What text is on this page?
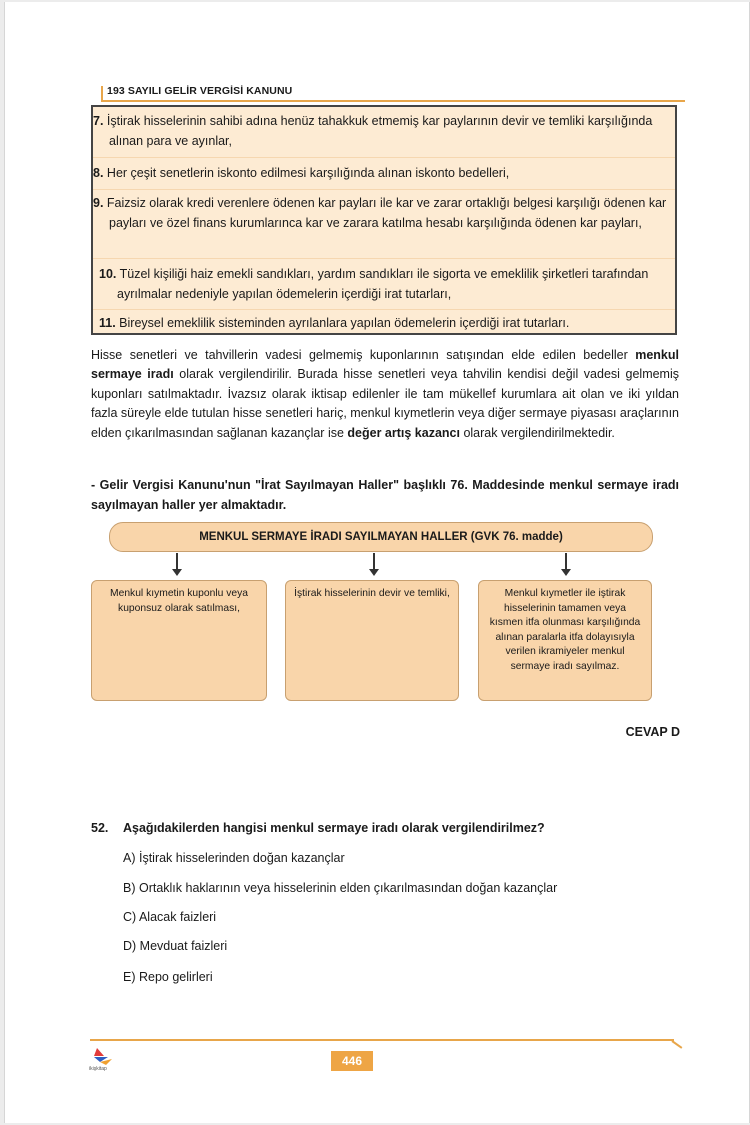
193 SAYILI GELİR VERGİSİ KANUNU
7. İştirak hisselerinin sahibi adına henüz tahakkuk etmemiş kar paylarının devir ve temliki karşılığında alınan para ve ayınlar,
8. Her çeşit senetlerin iskonto edilmesi karşılığında alınan iskonto bedelleri,
9. Faizsiz olarak kredi verenlere ödenen kar payları ile kar ve zarar ortaklığı belgesi karşılığı ödenen kar payları ve özel finans kurumlarınca kar ve zarara katılma hesabı karşılığında ödenen kar payları,
10. Tüzel kişiliği haiz emekli sandıkları, yardım sandıkları ile sigorta ve emeklilik şirketleri tarafından ayrılmalar nedeniyle yapılan ödemelerin içerdiği irat tutarları,
11. Bireysel emeklilik sisteminden ayrılanlara yapılan ödemelerin içerdiği irat tutarları.
Hisse senetleri ve tahvillerin vadesi gelmemiş kuponlarının satışından elde edilen bedeller menkul sermaye iradı olarak vergilendirilir. Burada hisse senetleri veya tahvilin kendisi değil vadesi gelmemiş kuponları satılmaktadır. İvazsız olarak iktisap edilenler ile tam mükellef kurumlara ait olan ve iki yıldan fazla süreyle elde tutulan hisse senetleri hariç, menkul kıymetlerin veya diğer sermaye piyasası araçlarının elden çıkarılmasından sağlanan kazançlar ise değer artış kazancı olarak vergilendirilmektedir.
- Gelir Vergisi Kanunu'nun "İrat Sayılmayan Haller" başlıklı 76. Maddesinde menkul sermaye iradı sayılmayan haller yer almaktadır.
MENKUL SERMAYE İRADI SAYILMAYAN HALLER (GVK 76. madde)
Menkul kıymetin kuponlu veya kuponsuz olarak satılması,
İştirak hisselerinin devir ve temliki,	Menkul kıymetler ile iştirak hisselerinin tamamen veya kısmen itfa olunması karşılığında alınan paralarla itfa dolayısıyla verilen ikramiyeler menkul sermaye iradı sayılmaz.
CEVAP D
52. Aşağıdakilerden hangisi menkul sermaye iradı olarak vergilendirilmez?
A) İştirak hisselerinden doğan kazançlar
B) Ortaklık haklarının veya hisselerinin elden çıkarılmasından doğan kazançlar
C) Alacak faizleri
D) Mevduat faizleri
E) Repo gelirleri
ikişkitap
446
